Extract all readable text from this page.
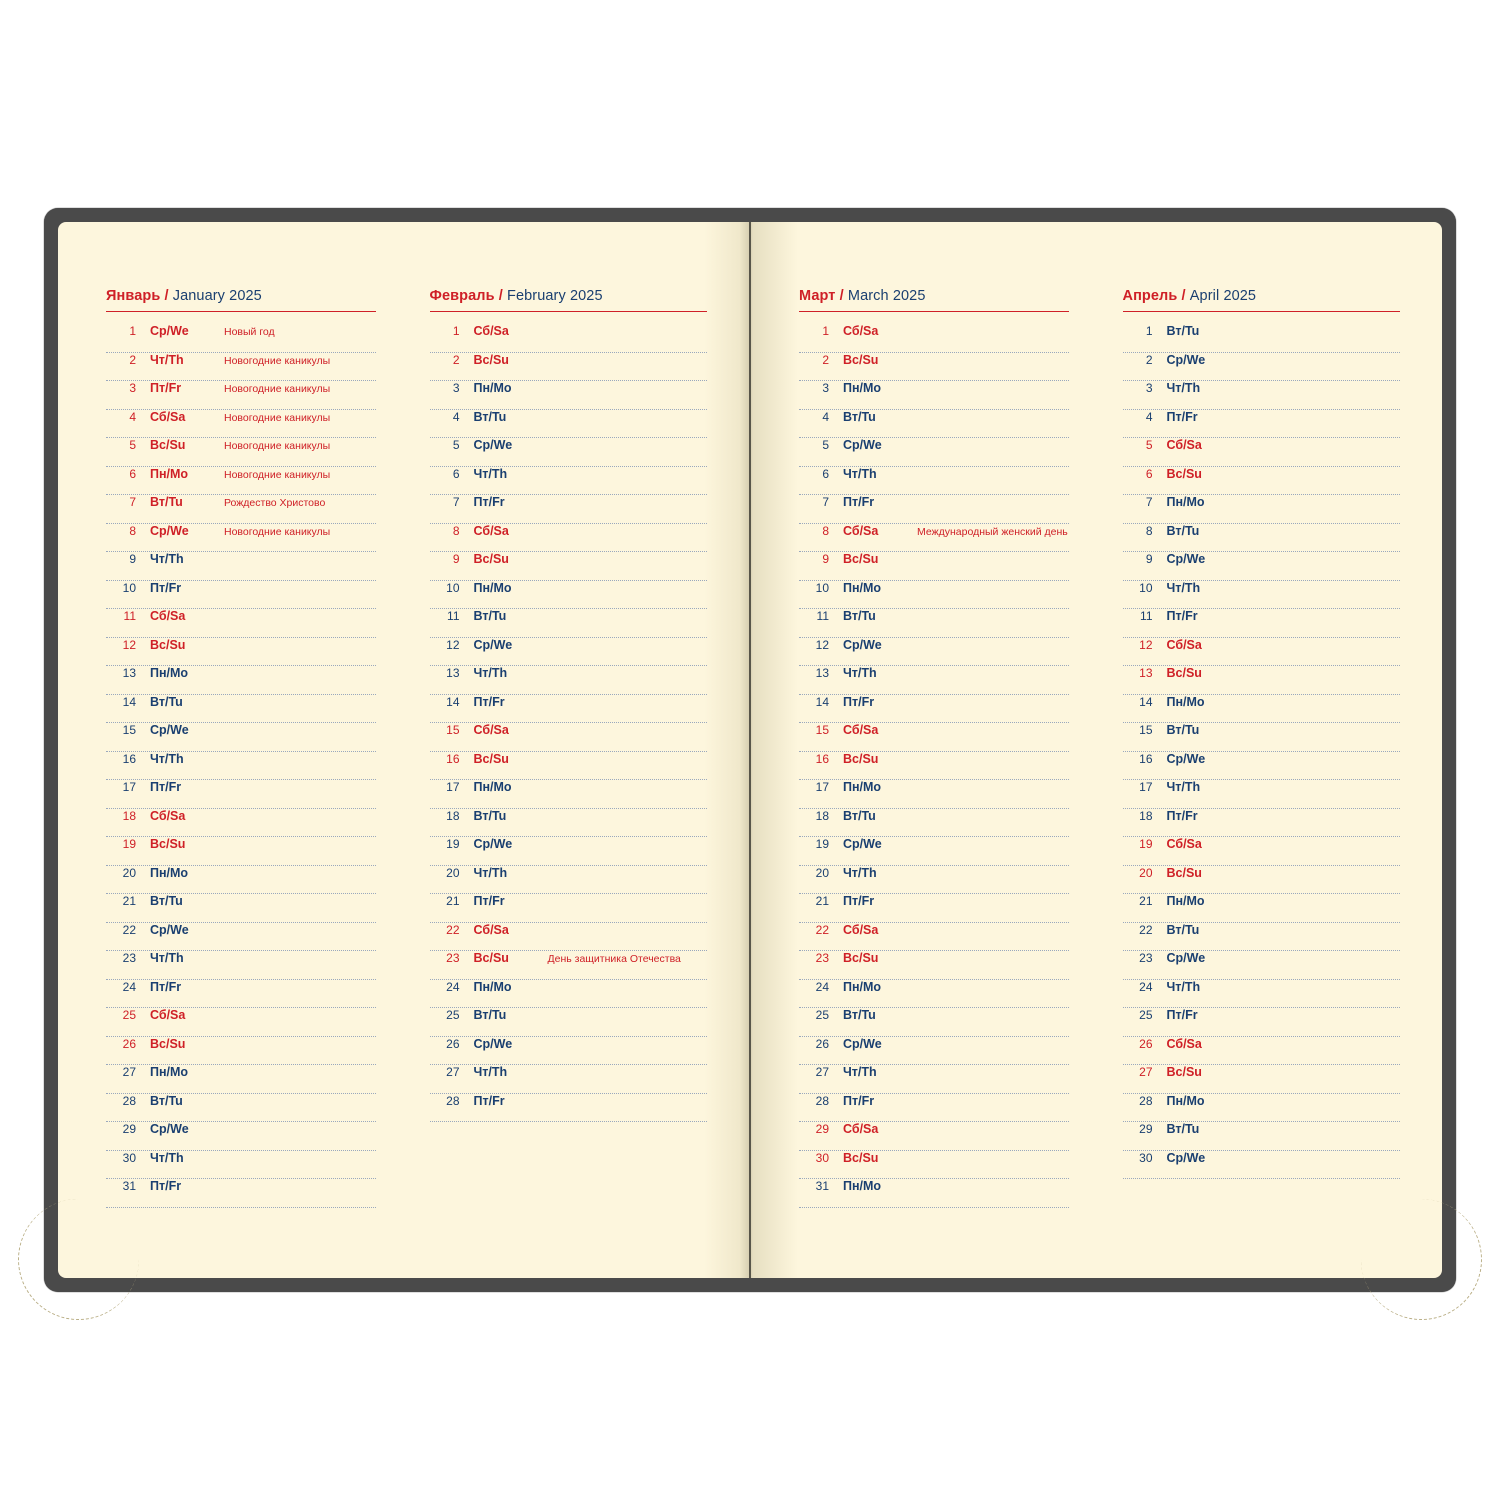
Январь / January 2025
1	Ср/We	Новый год
2	Чт/Th	Новогодние каникулы
3	Пт/Fr	Новогодние каникулы
4	Сб/Sa	Новогодние каникулы
5	Вс/Su	Новогодние каникулы
6	Пн/Mo	Новогодние каникулы
7	Вт/Tu	Рождество Христово
8	Ср/We	Новогодние каникулы
9	Чт/Th
10	Пт/Fr
11	Сб/Sa
12	Вс/Su
13	Пн/Mo
14	Вт/Tu
15	Ср/We
16	Чт/Th
17	Пт/Fr
18	Сб/Sa
19	Вс/Su
20	Пн/Mo
21	Вт/Tu
22	Ср/We
23	Чт/Th
24	Пт/Fr
25	Сб/Sa
26	Вс/Su
27	Пн/Mo
28	Вт/Tu
29	Ср/We
30	Чт/Th
31	Пт/Fr
Февраль / February 2025
1	Сб/Sa
2	Вс/Su
3	Пн/Mo
4	Вт/Tu
5	Ср/We
6	Чт/Th
7	Пт/Fr
8	Сб/Sa
9	Вс/Su
10	Пн/Mo
11	Вт/Tu
12	Ср/We
13	Чт/Th
14	Пт/Fr
15	Сб/Sa
16	Вс/Su
17	Пн/Mo
18	Вт/Tu
19	Ср/We
20	Чт/Th
21	Пт/Fr
22	Сб/Sa
23	Вс/Su	День защитника Отечества
24	Пн/Mo
25	Вт/Tu
26	Ср/We
27	Чт/Th
28	Пт/Fr
Март / March 2025
1	Сб/Sa
2	Вс/Su
3	Пн/Mo
4	Вт/Tu
5	Ср/We
6	Чт/Th
7	Пт/Fr
8	Сб/Sa	Международный женский день
9	Вс/Su
10	Пн/Mo
11	Вт/Tu
12	Ср/We
13	Чт/Th
14	Пт/Fr
15	Сб/Sa
16	Вс/Su
17	Пн/Mo
18	Вт/Tu
19	Ср/We
20	Чт/Th
21	Пт/Fr
22	Сб/Sa
23	Вс/Su
24	Пн/Mo
25	Вт/Tu
26	Ср/We
27	Чт/Th
28	Пт/Fr
29	Сб/Sa
30	Вс/Su
31	Пн/Mo
Апрель / April 2025
1	Вт/Tu
2	Ср/We
3	Чт/Th
4	Пт/Fr
5	Сб/Sa
6	Вс/Su
7	Пн/Mo
8	Вт/Tu
9	Ср/We
10	Чт/Th
11	Пт/Fr
12	Сб/Sa
13	Вс/Su
14	Пн/Mo
15	Вт/Tu
16	Ср/We
17	Чт/Th
18	Пт/Fr
19	Сб/Sa
20	Вс/Su
21	Пн/Mo
22	Вт/Tu
23	Ср/We
24	Чт/Th
25	Пт/Fr
26	Сб/Sa
27	Вс/Su
28	Пн/Mo
29	Вт/Tu
30	Ср/We
